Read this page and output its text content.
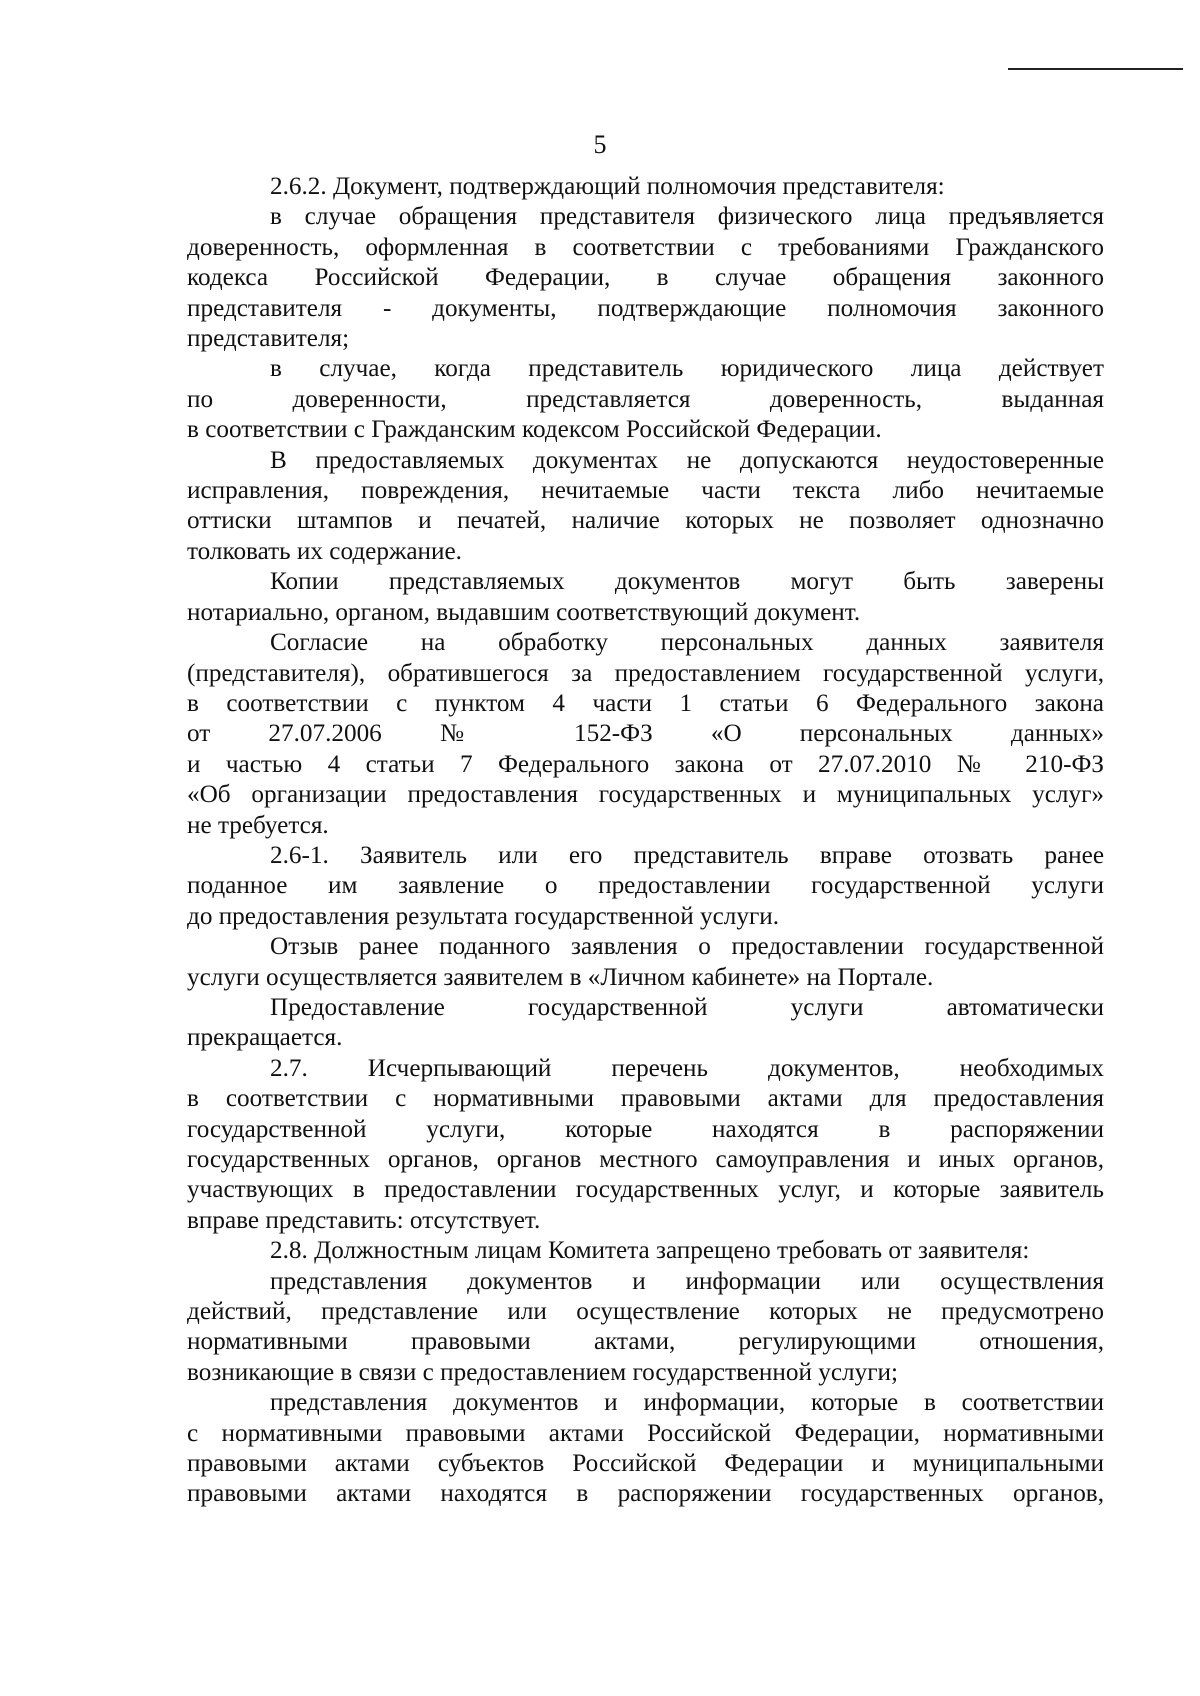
5
2.6.2. Документ, подтверждающий полномочия представителя:
в случае обращения представителя физического лица предъявляется
доверенность, оформленная в соответствии с требованиями Гражданского
кодекса Российской Федерации, в случае обращения законного
представителя - документы, подтверждающие полномочия законного
представителя;
в случае, когда представитель юридического лица действует
по доверенности, представляется доверенность, выданная
в соответствии с Гражданским кодексом Российской Федерации.
В предоставляемых документах не допускаются неудостоверенные
исправления, повреждения, нечитаемые части текста либо нечитаемые
оттиски штампов и печатей, наличие которых не позволяет однозначно
толковать их содержание.
Копии представляемых документов могут быть заверены
нотариально, органом, выдавшим соответствующий документ.
Согласие на обработку персональных данных заявителя
(представителя), обратившегося за предоставлением государственной услуги,
в соответствии с пунктом 4 части 1 статьи 6 Федерального закона
от 27.07.2006 № 152-ФЗ «О персональных данных»
и частью 4 статьи 7 Федерального закона от 27.07.2010 № 210-ФЗ
«Об организации предоставления государственных и муниципальных услуг»
не требуется.
2.6-1. Заявитель или его представитель вправе отозвать ранее
поданное им заявление о предоставлении государственной услуги
до предоставления результата государственной услуги.
Отзыв ранее поданного заявления о предоставлении государственной
услуги осуществляется заявителем в «Личном кабинете» на Портале.
Предоставление государственной услуги автоматически
прекращается.
2.7. Исчерпывающий перечень документов, необходимых
в соответствии с нормативными правовыми актами для предоставления
государственной услуги, которые находятся в распоряжении
государственных органов, органов местного самоуправления и иных органов,
участвующих в предоставлении государственных услуг, и которые заявитель
вправе представить: отсутствует.
2.8. Должностным лицам Комитета запрещено требовать от заявителя:
представления документов и информации или осуществления
действий, представление или осуществление которых не предусмотрено
нормативными правовыми актами, регулирующими отношения,
возникающие в связи с предоставлением государственной услуги;
представления документов и информации, которые в соответствии
с нормативными правовыми актами Российской Федерации, нормативными
правовыми актами субъектов Российской Федерации и муниципальными
правовыми актами находятся в распоряжении государственных органов,
